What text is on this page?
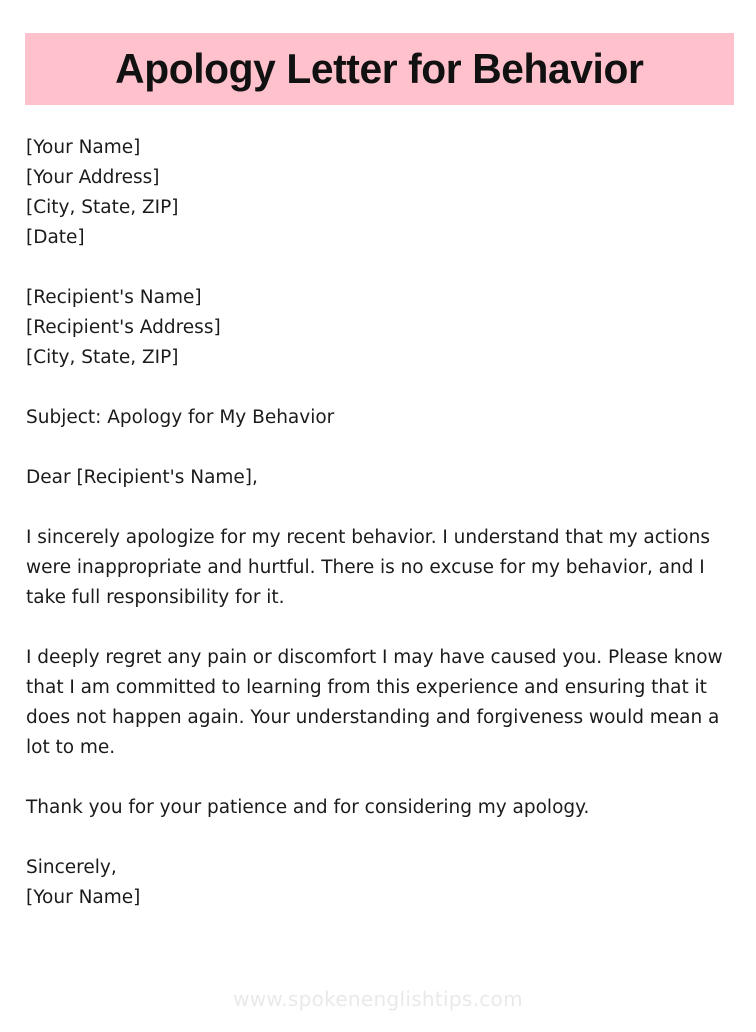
Apology Letter for Behavior
[Your Name]
[Your Address]
[City, State, ZIP]
[Date]
[Recipient's Name]
[Recipient's Address]
[City, State, ZIP]
Subject: Apology for My Behavior
Dear [Recipient's Name],

I sincerely apologize for my recent behavior. I understand that my actions were inappropriate and hurtful. There is no excuse for my behavior, and I take full responsibility for it.

I deeply regret any pain or discomfort I may have caused you. Please know that I am committed to learning from this experience and ensuring that it does not happen again. Your understanding and forgiveness would mean a lot to me.

Thank you for your patience and for considering my apology.

Sincerely,
[Your Name]
www.spokenenglishtips.com
